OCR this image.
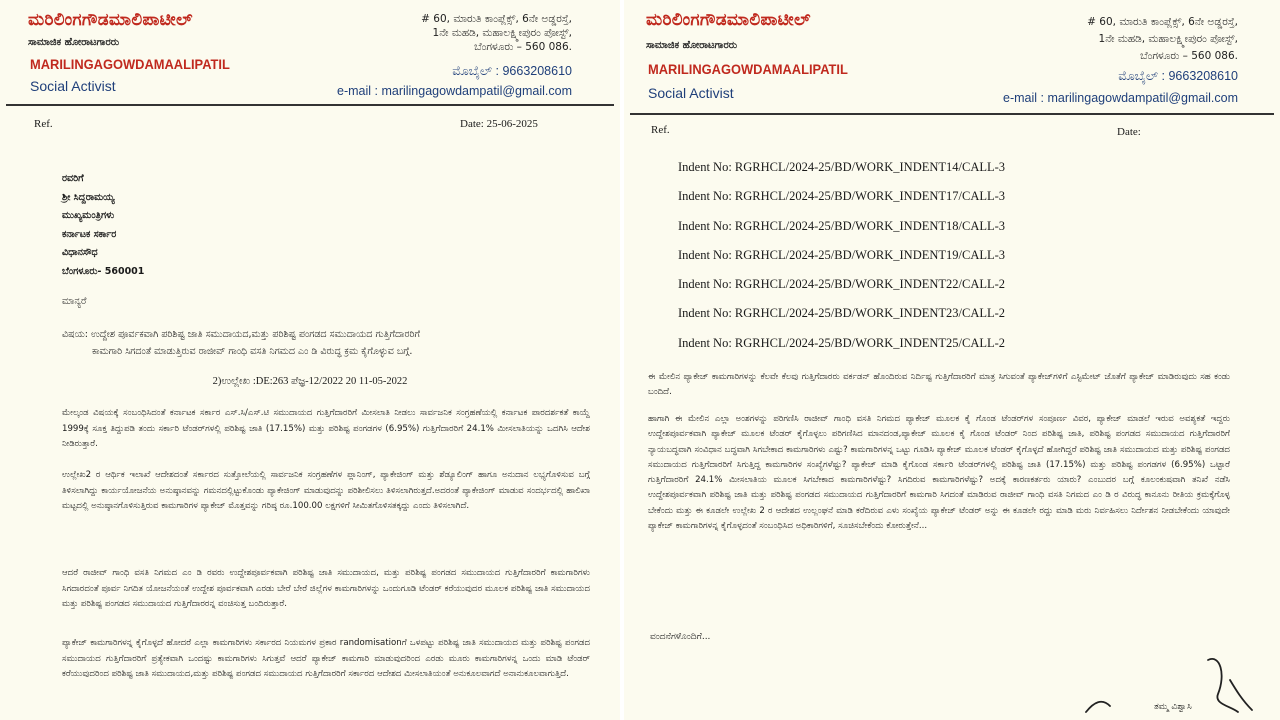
ಮರಿಲಿಂಗಗೌಡಮಾಲಿಪಾಟೀಲ್
ಸಾಮಾಜಿಕ ಹೋರಾಟಗಾರರು
MARILINGAGOWDAMAALIPATIL
Social Activist
# 60, ಮಾರುತಿ ಕಾಂಪ್ಲೆಕ್ಸ್, 6ನೇ ಅಡ್ಡರಸ್ತೆ,
1ನೇ ಮಹಡಿ, ಮಹಾಲಕ್ಷ್ಮೀಪುರಂ ಪೋಸ್ಟ್,
ಬೆಂಗಳೂರು – 560 086.
ಮೊಬೈಲ್ : 9663208610
e-mail : marilingagowdampatil@gmail.com
Ref.	Date: 25-06-2025
ರವರಿಗೆ
ಶ್ರೀ ಸಿದ್ದರಾಮಯ್ಯ
ಮುಖ್ಯಮಂತ್ರಿಗಳು
ಕರ್ನಾಟಕ ಸರ್ಕಾರ
ವಿಧಾನಸೌಧ
ಬೆಂಗಳೂರು- 560001
ಮಾನ್ಯರೆ
ವಿಷಯ: ಉದ್ದೇಶ ಪೂರ್ವಕವಾಗಿ ಪರಿಶಿಷ್ಟ ಜಾತಿ ಸಮುದಾಯದ,ಮತ್ತು ಪರಿಶಿಷ್ಟ ಪಂಗಡದ ಸಮುದಾಯದ ಗುತ್ತಿಗೆದಾರರಿಗೆ
ಕಾಮಗಾರಿ ಸಿಗದಂತೆ ಮಾಡುತ್ತಿರುವ ರಾಜೀವ್ ಗಾಂಧಿ ವಸತಿ ನಿಗಮದ ಎಂ ಡಿ ವಿರುದ್ಧ ಕ್ರಮ ಕೈಗೊಳ್ಳುವ ಬಗ್ಗೆ.
2)ಉಲ್ಲೇಖ :DE:263 ಪೆಜ್ಞ-12/2022 20 11-05-2022
ಮೇಲ್ಕಂಡ ವಿಷಯಕ್ಕೆ ಸಂಬಂಧಿಸಿದಂತೆ ಕರ್ನಾಟಕ ಸರ್ಕಾರ ಎಸ್.ಸಿ/ಎಸ್.ಟಿ ಸಮುದಾಯದ ಗುತ್ತಿಗೆದಾರರಿಗೆ ಮೀಸಲಾತಿ ನೀಡಲು ಸಾರ್ವಜನಿಕ ಸಂಗ್ರಹಣೆಯಲ್ಲಿ ಕರ್ನಾಟಕ ಪಾರದರ್ಶಕತೆ ಕಾಯ್ದೆ 1999ಕ್ಕೆ ಸೂಕ್ತ ತಿದ್ದುಪಡಿ ತಂದು ಸರ್ಕಾರಿ ಟೆಂಡರ್‌ಗಳಲ್ಲಿ ಪರಿಶಿಷ್ಟ ಜಾತಿ (17.15%) ಮತ್ತು ಪರಿಶಿಷ್ಟ ಪಂಗಡಗಳ (6.95%) ಗುತ್ತಿಗೆದಾರರಿಗೆ 24.1% ಮೀಸಲಾತಿಯನ್ನು ಒದಗಿಸಿ ಆದೇಶ ನೀಡಿರುತ್ತಾರೆ.
ಉಲ್ಲೇಖ2 ರ ಆರ್ಥಿಕ ಇಲಾಖೆ ಆದೇಶದಂತೆ ಸರ್ಕಾರದ ಸುತ್ತೋಲೆಯಲ್ಲಿ ಸಾರ್ವಜನಿಕ ಸಂಗ್ರಹಣೆಗಳ ಪ್ಲಾನಿಂಗ್, ಪ್ಯಾಕೇಜಿಂಗ್ ಮತ್ತು ಶೆಡ್ಯೂಲಿಂಗ್ ಹಾಗೂ ಅನುದಾನ ಲಭ್ಯಗೊಳಿಸುವ ಬಗ್ಗೆ ತಿಳಿಸಲಾಗಿದ್ದು ಕಾರ್ಯಯೋಜನೆಯ ಅನುಷ್ಠಾನವನ್ನು ಗಮನದಲ್ಲಿಟ್ಟುಕೊಂಡು ಪ್ಯಾಕೇಜಿಂಗ್ ಮಾಡುವುದನ್ನು ಪರಿಶೀಲಿಸಲು ತಿಳಿಸಲಾಗಿರುತ್ತದೆ.ಅದರಂತೆ ಪ್ಯಾಕೇಜಿಂಗ್ ಮಾಡುವ ಸಂದರ್ಭದಲ್ಲಿ ಹಾಲಿಖಾ ಮಟ್ಟದಲ್ಲಿ ಅನುಷ್ಠಾನಗೊಳಿಸುತ್ತಿರುವ ಕಾಮಗಾರಿಗಳ ಪ್ಯಾಕೇಜ್ ಮೊತ್ತವನ್ನು ಗರಿಷ್ಠ ರೂ.100.00 ಲಕ್ಷಗಳಿಗೆ ಸೀಮಿತಗೊಳಿಸತಕ್ಕದ್ದು ಎಂದು ತಿಳಿಸಲಾಗಿದೆ.
ಆದರೆ ರಾಜೀವ್ ಗಾಂಧಿ ವಸತಿ ನಿಗಮದ ಎಂ ಡಿ ರವರು ಉದ್ದೇಶಪೂರ್ವಕವಾಗಿ ಪರಿಶಿಷ್ಟ ಜಾತಿ ಸಮುದಾಯದ, ಮತ್ತು ಪರಿಶಿಷ್ಟ ಪಂಗಡದ ಸಮುದಾಯದ ಗುತ್ತಿಗೆದಾರರಿಗೆ ಕಾಮಗಾರಿಗಳು ಸಿಗದಾರದಂತೆ ಪೂರ್ವ ನಿಗದಿತ ಯೋಜನೆಯಂತೆ ಉದ್ದೇಶ ಪೂರ್ವಕವಾಗಿ ಎರಡು ಬೇರೆ ಬೇರೆ ಜಿಲ್ಲೆಗಳ ಕಾಮಗಾರಿಗಳನ್ನು ಒಂದುಗೂಡಿ ಟೆಂಡರ್ ಕರೆಯುವುದರ ಮೂಲಕ ಪರಿಶಿಷ್ಟ ಜಾತಿ ಸಮುದಾಯದ ಮತ್ತು ಪರಿಶಿಷ್ಟ ಪಂಗಡದ ಸಮುದಾಯದ ಗುತ್ತಿಗೆದಾರರನ್ನ ವಂಚಿಸುತ್ತ ಬಂದಿರುತ್ತಾರೆ.
ಪ್ಯಾಕೇಜ್ ಕಾಮಗಾರಿಗಳನ್ನ ಕೈಗೊಳ್ಳದೆ ಹೋದರೆ ಎಲ್ಲಾ ಕಾಮಗಾರಿಗಳು ಸರ್ಕಾರದ ನಿಯಮಗಳ ಪ್ರಕಾರ randomisationಗೆ ಒಳಪಟ್ಟು ಪರಿಶಿಷ್ಟ ಜಾತಿ ಸಮುದಾಯದ ಮತ್ತು ಪರಿಶಿಷ್ಟ ಪಂಗಡದ ಸಮುದಾಯದ ಗುತ್ತಿಗೆದಾರರಿಗೆ ಪ್ರತ್ಯೇಕವಾಗಿ ಒಂದಷ್ಟು ಕಾಮಗಾರಿಗಳು ಸಿಗುತ್ತವೆ ಆದರೆ ಪ್ಯಾಕೇಜ್ ಕಾಮಗಾರಿ ಮಾಡುವುದರಿಂದ ಎರಡು ಮೂರು ಕಾಮಗಾರಿಗಳನ್ನ ಒಂದು ಮಾಡಿ ಟೆಂಡರ್ ಕರೆಯುವುದರಿಂದ ಪರಿಶಿಷ್ಟ ಜಾತಿ ಸಮುದಾಯದ,ಮತ್ತು ಪರಿಶಿಷ್ಟ ಪಂಗಡದ ಸಮುದಾಯದ ಗುತ್ತಿಗೆದಾರರಿಗೆ ಸರ್ಕಾರದ ಆದೇಶದ ಮೀಸಲಾತಿಯಂತೆ ಅನುಕೂಲವಾಗದೆ ಅನಾನುಕೂಲವಾಗುತ್ತಿದೆ.
ಮರಿಲಿಂಗಗೌಡಮಾಲಿಪಾಟೀಲ್
ಸಾಮಾಜಿಕ ಹೋರಾಟಗಾರರು
MARILINGAGOWDAMAALIPATIL
Social Activist
# 60, ಮಾರುತಿ ಕಾಂಪ್ಲೆಕ್ಸ್, 6ನೇ ಅಡ್ಡರಸ್ತೆ,
1ನೇ ಮಹಡಿ, ಮಹಾಲಕ್ಷ್ಮೀಪುರಂ ಪೋಸ್ಟ್,
ಬೆಂಗಳೂರು – 560 086.
ಮೊಬೈಲ್ : 9663208610
e-mail : marilingagowdampatil@gmail.com
Ref.	Date:
Indent No: RGRHCL/2024-25/BD/WORK_INDENT14/CALL-3
Indent No: RGRHCL/2024-25/BD/WORK_INDENT17/CALL-3
Indent No: RGRHCL/2024-25/BD/WORK_INDENT18/CALL-3
Indent No: RGRHCL/2024-25/BD/WORK_INDENT19/CALL-3
Indent No: RGRHCL/2024-25/BD/WORK_INDENT22/CALL-2
Indent No: RGRHCL/2024-25/BD/WORK_INDENT23/CALL-2
Indent No: RGRHCL/2024-25/BD/WORK_INDENT25/CALL-2
ಈ ಮೇಲಿನ ಪ್ಯಾಕೇಜ್ ಕಾಮಗಾರಿಗಳನ್ನು ಕೆಲವೇ ಕೆಲವು ಗುತ್ತಿಗೆದಾರರು ವರ್ಕಡನ್ ಹೊಂದಿರುವ ನಿರ್ದಿಷ್ಟ ಗುತ್ತಿಗೆದಾರರಿಗೆ ಮಾತ್ರ ಸಿಗುವಂತೆ ಪ್ಯಾಕೇಜ್‌ಗಳಿಗೆ ಎಸ್ಟಿಮೇಟ್ ಜೊತೆಗೆ ಪ್ಯಾಕೇಜ್ ಮಾಡಿರುವುದು ಸಹ ಕಂಡು ಬಂದಿದೆ.
ಹಾಗಾಗಿ ಈ ಮೇಲಿನ ಎಲ್ಲಾ ಅಂಶಗಳನ್ನು ಪರಿಗಣಿಸಿ ರಾಜೀವ್ ಗಾಂಧಿ ವಸತಿ ನಿಗಮದ ಪ್ಯಾಕೇಜ್ ಮೂಲಕ ಕೈ ಗೊಂಡ ಟೆಂಡರ್‌ಗಳ ಸಂಪೂರ್ಣ ವಿವರ, ಪ್ಯಾಕೇಜ್ ಮಾಡಲೆ ಇರುವ ಅವಶ್ಯಕತೆ ಇದ್ದರು ಉದ್ದೇಶಪೂರ್ವಕವಾಗಿ ಪ್ಯಾಕೇಜ್ ಮೂಲಕ ಟೆಂಡರ್ ಕೈಗೊಳ್ಳಲು ಪರಿಗಣಿಸಿದ ಮಾನದಂಡ,ಪ್ಯಾಕೇಜ್ ಮೂಲಕ ಕೈ ಗೊಂಡ ಟೆಂಡರ್ ನಿಂದ ಪರಿಶಿಷ್ಟ ಜಾತಿ, ಪರಿಶಿಷ್ಟ ಪಂಗಡದ ಸಮುದಾಯದ ಗುತ್ತಿಗೆದಾರರಿಗೆ ನ್ಯಾಯಬದ್ಧವಾಗಿ ಸಂವಿಧಾನ ಬದ್ಧವಾಗಿ ಸಿಗಬೇಕಾದ ಕಾಮಗಾರಿಗಳು ಎಷ್ಟು? ಕಾಮಗಾರಿಗಳನ್ನ ಒಟ್ಟು ಗೂಡಿಸಿ ಪ್ಯಾಕೇಜ್ ಮೂಲಕ ಟೆಂಡರ್ ಕೈಗೊಳ್ಳದೆ ಹೋಗಿದ್ದರೆ ಪರಿಶಿಷ್ಟ ಜಾತಿ ಸಮುದಾಯದ ಮತ್ತು ಪರಿಶಿಷ್ಟ ಪಂಗಡದ ಸಮುದಾಯದ ಗುತ್ತಿಗೆದಾರರಿಗೆ ಸಿಗುತ್ತಿದ್ದ ಕಾಮಗಾರಿಗಳ ಸಂಖ್ಯೆಗಳೆಷ್ಟು? ಪ್ಯಾಕೇಜ್ ಮಾಡಿ ಕೈಗೊಂಡ ಸರ್ಕಾರಿ ಟೆಂಡರ್‌ಗಳಲ್ಲಿ ಪರಿಶಿಷ್ಟ ಜಾತಿ (17.15%) ಮತ್ತು ಪರಿಶಿಷ್ಟ ಪಂಗಡಗಳ (6.95%) ಒಟ್ಟಾರೆ ಗುತ್ತಿಗೆದಾರರಿಗೆ 24.1% ಮೀಸಲಾತಿಯ ಮೂಲಕ ಸಿಗಬೇಕಾದ ಕಾಮಗಾರಿಗಳೆಷ್ಟು? ಸಿಗದಿರುವ ಕಾಮಗಾರಿಗಳೆಷ್ಟು? ಅದಕ್ಕೆ ಕಾರಣಕರ್ತರು ಯಾರು? ಎಂಬುದರ ಬಗ್ಗೆ ಕೂಲಂಕುಷವಾಗಿ ತನಿಖೆ ನಡೆಸಿ ಉದ್ದೇಶಪೂರ್ವಕವಾಗಿ ಪರಿಶಿಷ್ಟ ಜಾತಿ ಮತ್ತು ಪರಿಶಿಷ್ಟ ಪಂಗಡದ ಸಮುದಾಯದ ಗುತ್ತಿಗೆದಾರರಿಗೆ ಕಾಮಗಾರಿ ಸಿಗದಂತೆ ಮಾಡಿರುವ ರಾಜೀವ್ ಗಾಂಧಿ ವಸತಿ ನಿಗಮದ ಎಂ ಡಿ ರ ವಿರುದ್ಧ ಕಾನೂನು ರೀತಿಯ ಕ್ರಮಕ್ಕೆಗೊಳ್ಳ ಬೇಕೆಂದು ಮತ್ತು ಈ ಕೂಡಲೇ ಉಲ್ಲೇಖ 2 ರ ಆದೇಶದ ಉಲ್ಲಂಘನೆ ಮಾಡಿ ಕರೆದಿರುವ ಎಳು ಸಂಖ್ಯೆಯ ಪ್ಯಾಕೇಜ್ ಟೆಂಡರ್ ಅನ್ನು ಈ ಕೂಡಲೇ ರದ್ದು ಮಾಡಿ ಮರು ನಿರ್ವಹಿಸಲು ನಿರ್ದೇಶನ ನೀಡಬೇಕೆಂದು ಯಾವುದೇ ಪ್ಯಾಕೇಜ್ ಕಾಮಗಾರಿಗಳನ್ನ ಕೈಗೊಳ್ಳದಂತೆ ಸಂಬಂಧಿಸಿದ ಅಧಿಕಾರಿಗಳಿಗೆ, ಸೂಚಿಸಬೇಕೆಂದು ಕೋರುತ್ತೇನೆ...
ವಂದನೆಗಳೊಂದಿಗೆ...
ತಮ್ಮ ವಿಶ್ವಾಸಿ
